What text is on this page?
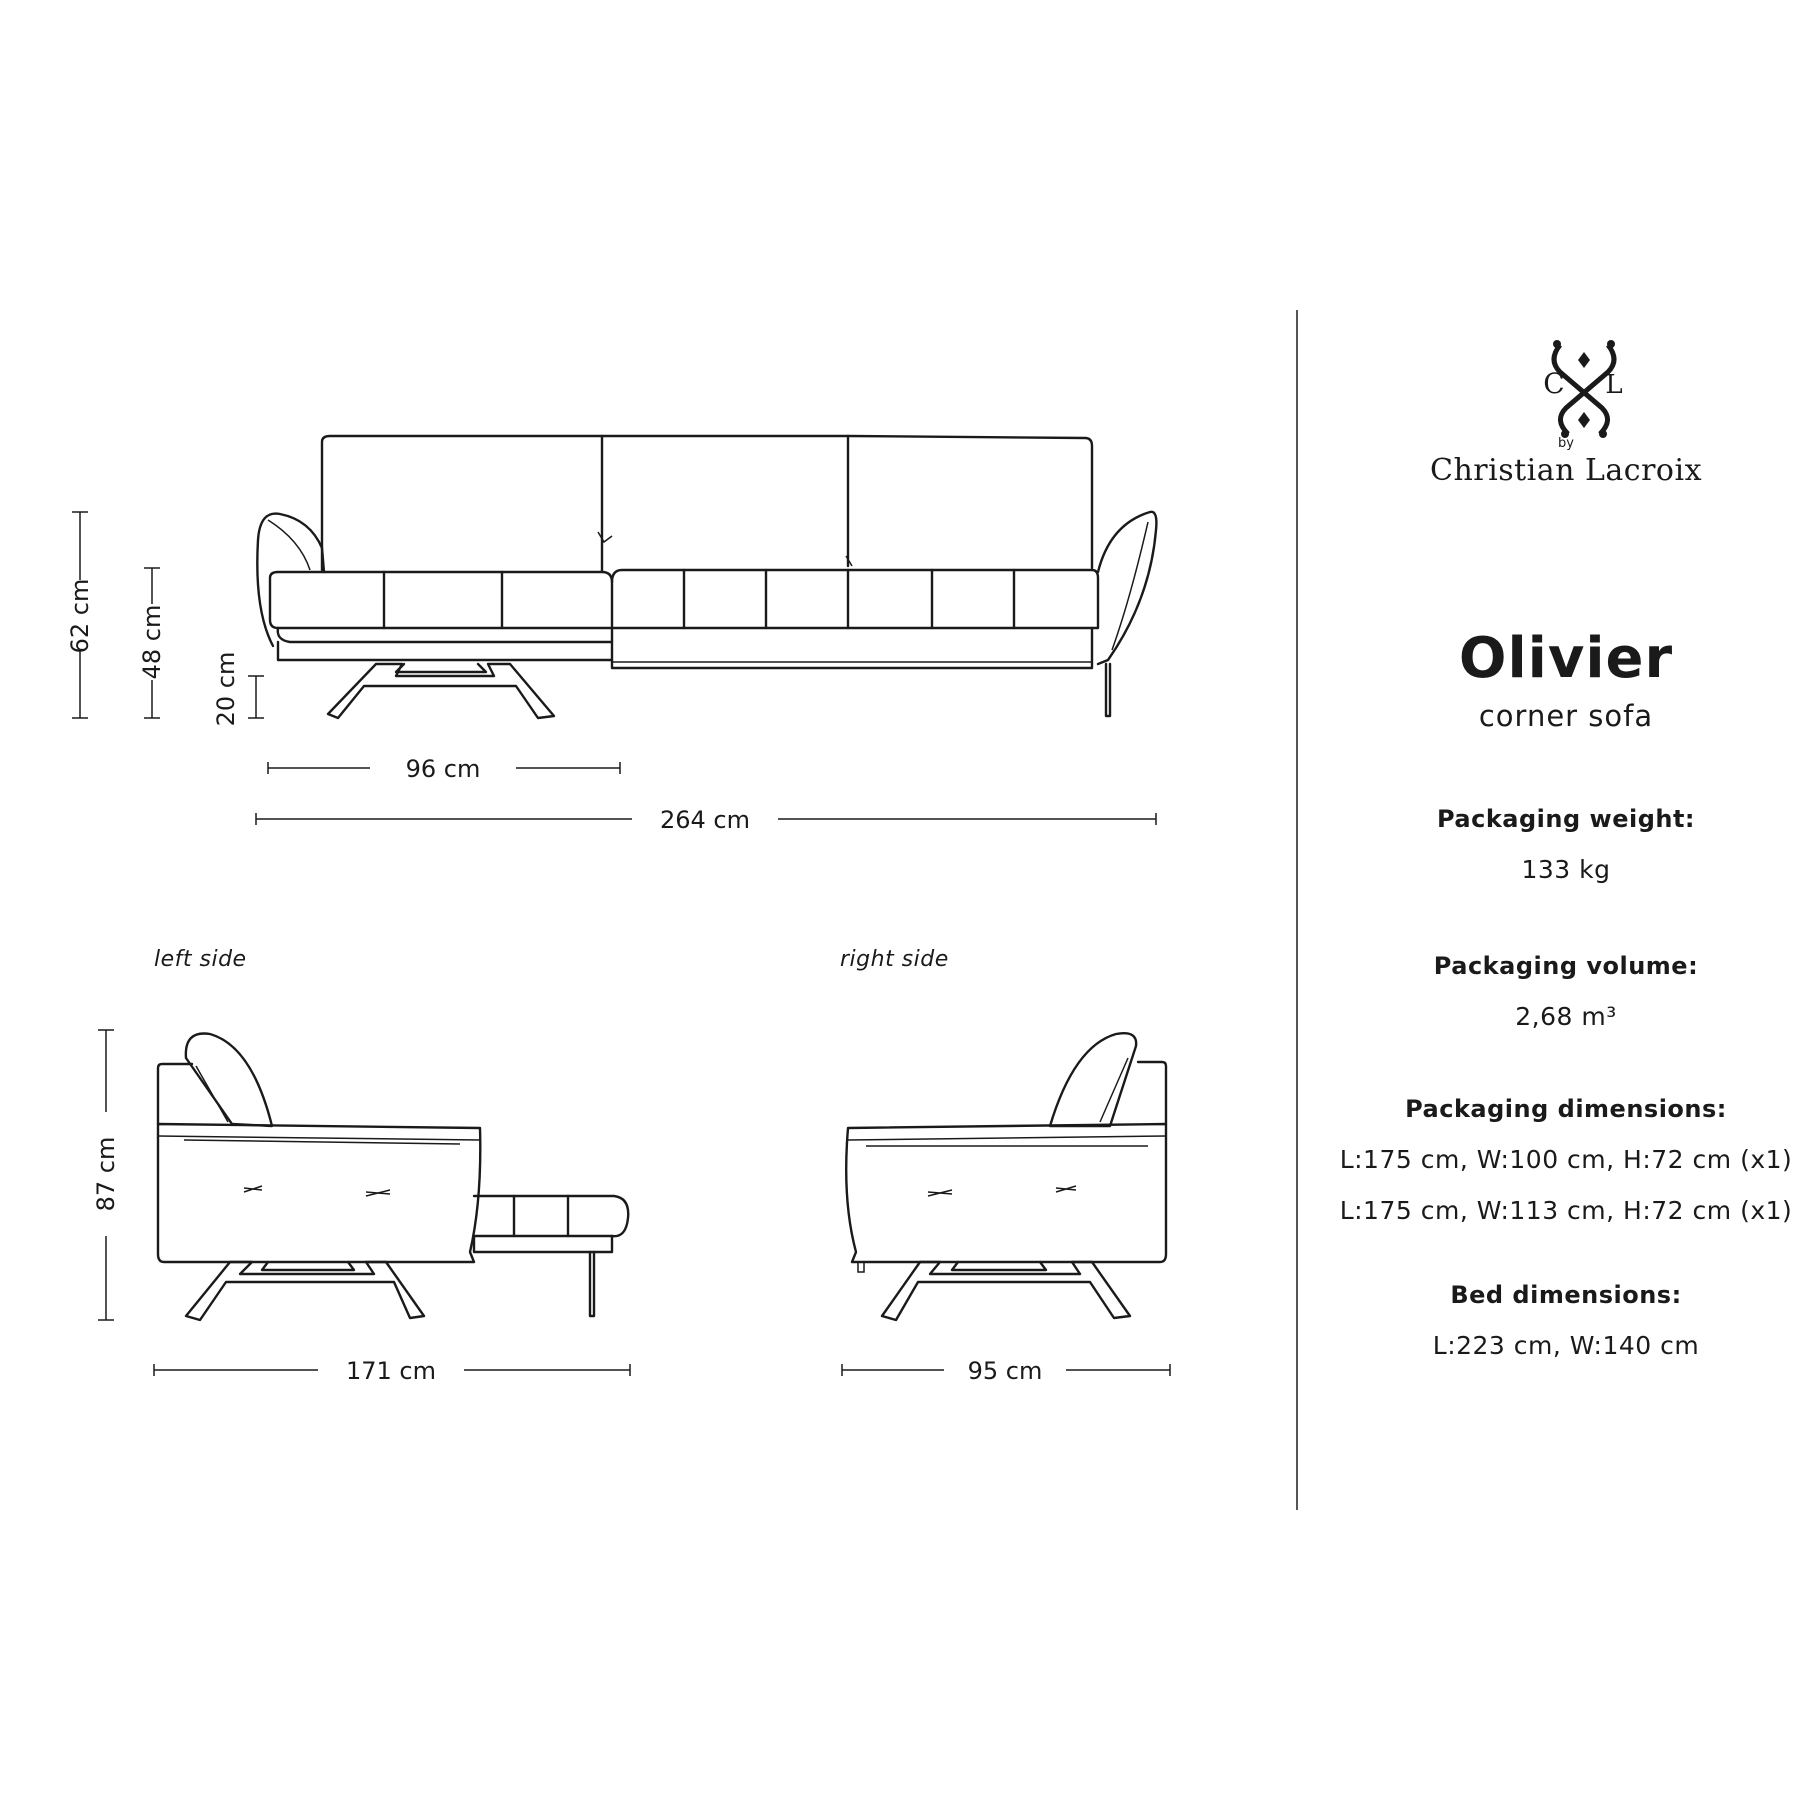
62 cm 48 cm
20 cm
96 cm
264 cm
left side	right side
87 cm
171 cm	95 cm
C L
by
Christian Lacroix
Olivier
corner sofa
Packaging weight:
133 kg
Packaging volume:
2,68 m³
Packaging dimensions:
L:175 cm, W:100 cm, H:72 cm (x1)
L:175 cm, W:113 cm, H:72 cm (x1)
Bed dimensions:
L:223 cm, W:140 cm
